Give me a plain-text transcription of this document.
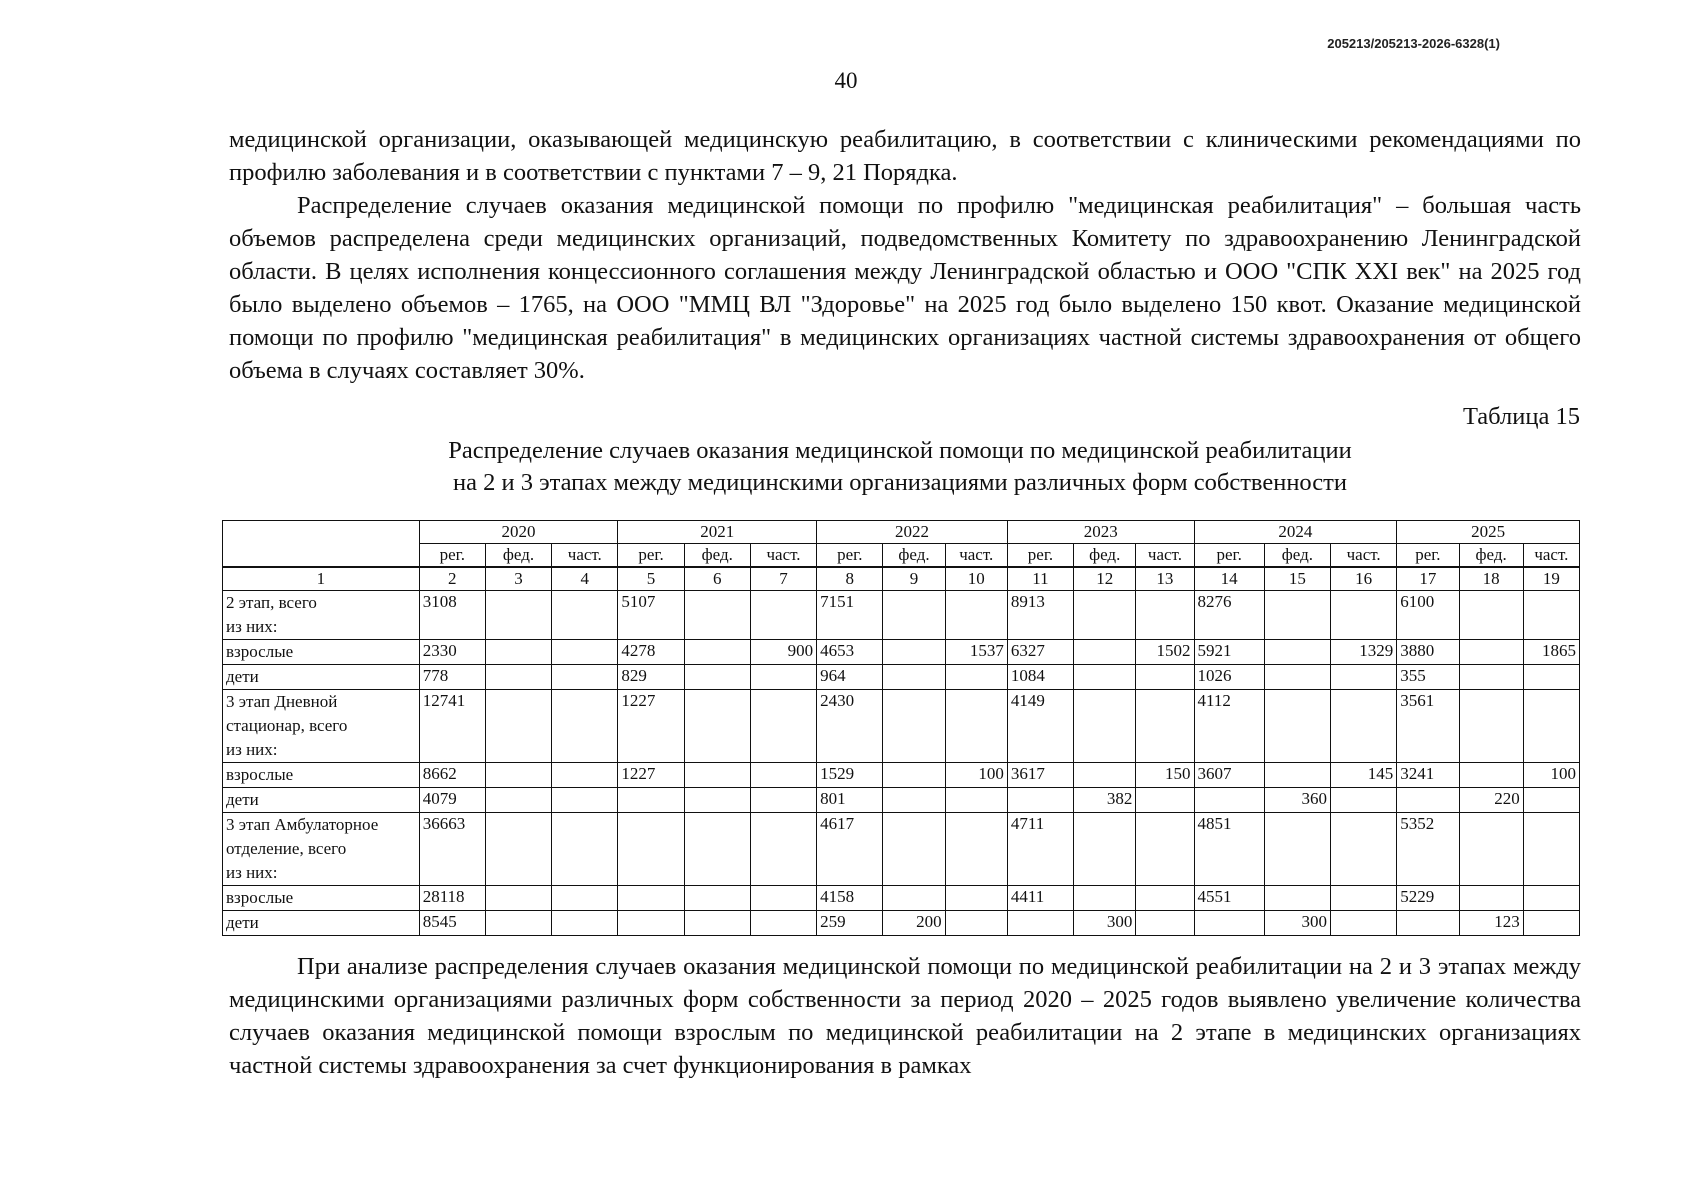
205213/205213-2026-6328(1)
40

медицинской организации, оказывающей медицинскую реабилитацию, в соответствии с клиническими рекомендациями по профилю заболевания и в соответствии с пунктами 7 – 9, 21 Порядка.

Распределение случаев оказания медицинской помощи по профилю "медицинская реабилитация" – большая часть объемов распределена среди медицинских организаций, подведомственных Комитету по здравоохранению Ленинградской области. В целях исполнения концессионного соглашения между Ленинградской областью и ООО "СПК XXI век" на 2025 год было выделено объемов – 1765, на ООО "ММЦ ВЛ "Здоровье" на 2025 год было выделено 150 квот. Оказание медицинской помощи по профилю "медицинская реабилитация" в медицинских организациях частной системы здравоохранения от общего объема в случаях составляет 30%.

Таблица 15
Распределение случаев оказания медицинской помощи по медицинской реабилитации
на 2 и 3 этапах между медицинскими организациями различных форм собственности
	2020			2021			2022			2023			2024			2025		
	рег.	фед.	част.	рег.	фед.	част.	рег.	фед.	част.	рег.	фед.	част.	рег.	фед.	част.	рег.	фед.	част.
1	2	3	4	5	6	7	8	9	10	11	12	13	14	15	16	17	18	19

2 этап, всего
из них:	3108			5107			7151			8913			8276			6100		

взрослые	2330			4278		900	4653		1537	6327		1502	5921		1329	3880		1865

дети	778			829			964			1084			1026			355		

3 этап Дневной
стационар, всего
из них:	12741			1227			2430			4149			4112			3561		

взрослые	8662			1227			1529		100	3617		150	3607		145	3241		100

дети	4079						801				382			360			220	

3 этап Амбулаторное
отделение, всего
из них:	36663						4617			4711			4851			5352		

взрослые	28118						4158			4411			4551			5229		

дети	8545						259	200			300			300			123	

При анализе распределения случаев оказания медицинской помощи по медицинской реабилитации на 2 и 3 этапах между медицинскими организациями различных форм собственности за период 2020 – 2025 годов выявлено увеличение количества случаев оказания медицинской помощи взрослым по медицинской реабилитации на 2 этапе в медицинских организациях частной системы здравоохранения за счет функционирования в рамках
